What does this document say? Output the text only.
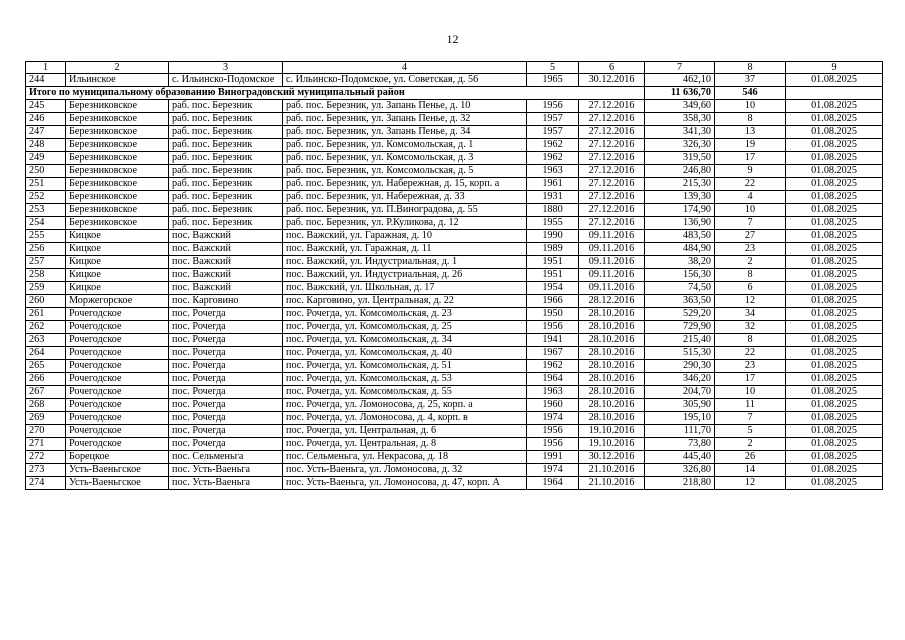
12
1	2	3	4	5	6	7	8	9
244	Ильинское	с. Ильинско-Подомское	с. Ильинско-Подомское, ул. Советская, д. 56	1965	30.12.2016	462,10	37	01.08.2025
Итого по муниципальному образованию Виноградовский муниципальный район						11 636,70	546	
245	Березниковское	раб. пос. Березник	раб. пос. Березник, ул. Запань Пеньe, д. 10	1956	27.12.2016	349,60	10	01.08.2025
246	Березниковское	раб. пос. Березник	раб. пос. Березник, ул. Запань Пенье, д. 32	1957	27.12.2016	358,30	8	01.08.2025
247	Березниковское	раб. пос. Березник	раб. пос. Березник, ул. Запань Пенье, д. 34	1957	27.12.2016	341,30	13	01.08.2025
248	Березниковское	раб. пос. Березник	раб. пос. Березник, ул. Комсомольская, д. 1	1962	27.12.2016	326,30	19	01.08.2025
249	Березниковское	раб. пос. Березник	раб. пос. Березник, ул. Комсомольская, д. 3	1962	27.12.2016	319,50	17	01.08.2025
250	Березниковское	раб. пос. Березник	раб. пос. Березник, ул. Комсомольская, д. 5	1963	27.12.2016	246,80	9	01.08.2025
251	Березниковское	раб. пос. Березник	раб. пос. Березник, ул. Набережная, д. 15, корп. а	1961	27.12.2016	215,30	22	01.08.2025
252	Березниковское	раб. пос. Березник	раб. пос. Березник, ул. Набережная, д. 33	1931	27.12.2016	139,30	4	01.08.2025
253	Березниковское	раб. пос. Березник	раб. пос. Березник, ул. П.Виноградова, д. 55	1880	27.12.2016	174,90	10	01.08.2025
254	Березниковское	раб. пос. Березник	раб. пос. Березник, ул. Р.Куликова, д. 12	1955	27.12.2016	136,90	7	01.08.2025
255	Кицкое	пос. Важский	пос. Важский, ул. Гаражная, д. 10	1990	09.11.2016	483,50	27	01.08.2025
256	Кицкое	пос. Важский	пос. Важский, ул. Гаражная, д. 11	1989	09.11.2016	484,90	23	01.08.2025
257	Кицкое	пос. Важский	пос. Важский, ул. Индустриальная, д. 1	1951	09.11.2016	38,20	2	01.08.2025
258	Кицкое	пос. Важский	пос. Важский, ул. Индустриальная, д. 26	1951	09.11.2016	156,30	8	01.08.2025
259	Кицкое	пос. Важский	пос. Важский, ул. Школьная, д. 17	1954	09.11.2016	74,50	6	01.08.2025
260	Моржегорское	пос. Карговино	пос. Карговино, ул. Центральная, д. 22	1966	28.12.2016	363,50	12	01.08.2025
261	Рочегодское	пос. Рочегда	пос. Рочегда, ул. Комсомольская, д. 23	1950	28.10.2016	529,20	34	01.08.2025
262	Рочегодское	пос. Рочегда	пос. Рочегда, ул. Комсомольская, д. 25	1956	28.10.2016	729,90	32	01.08.2025
263	Рочегодское	пос. Рочегда	пос. Рочегда, ул. Комсомольская, д. 34	1941	28.10.2016	215,40	8	01.08.2025
264	Рочегодское	пос. Рочегда	пос. Рочегда, ул. Комсомольская, д. 40	1967	28.10.2016	515,30	22	01.08.2025
265	Рочегодское	пос. Рочегда	пос. Рочегда, ул. Комсомольская, д. 51	1962	28.10.2016	290,30	23	01.08.2025
266	Рочегодское	пос. Рочегда	пос. Рочегда, ул. Комсомольская, д. 53	1964	28.10.2016	346,20	17	01.08.2025
267	Рочегодское	пос. Рочегда	пос. Рочегда, ул. Комсомольская, д. 55	1963	28.10.2016	204,70	10	01.08.2025
268	Рочегодское	пос. Рочегда	пос. Рочегда, ул. Ломоносова, д. 25, корп. а	1960	28.10.2016	305,90	11	01.08.2025
269	Рочегодское	пос. Рочегда	пос. Рочегда, ул. Ломоносова, д. 4, корп. в	1974	28.10.2016	195,10	7	01.08.2025
270	Рочегодское	пос. Рочегда	пос. Рочегда, ул. Центральная, д. 6	1956	19.10.2016	111,70	5	01.08.2025
271	Рочегодское	пос. Рочегда	пос. Рочегда, ул. Центральная, д. 8	1956	19.10.2016	73,80	2	01.08.2025
272	Борецкое	пос. Сельменьга	пос. Сельменьга, ул. Некрасова, д. 18	1991	30.12.2016	445,40	26	01.08.2025
273	Усть-Ваеньгское	пос. Усть-Ваеньга	пос. Усть-Ваеньга, ул. Ломоносова, д. 32	1974	21.10.2016	326,80	14	01.08.2025
274	Усть-Ваеньгское	пос. Усть-Ваеньга	пос. Усть-Ваеньга, ул. Ломоносова, д. 47, корп. А	1964	21.10.2016	218,80	12	01.08.2025
